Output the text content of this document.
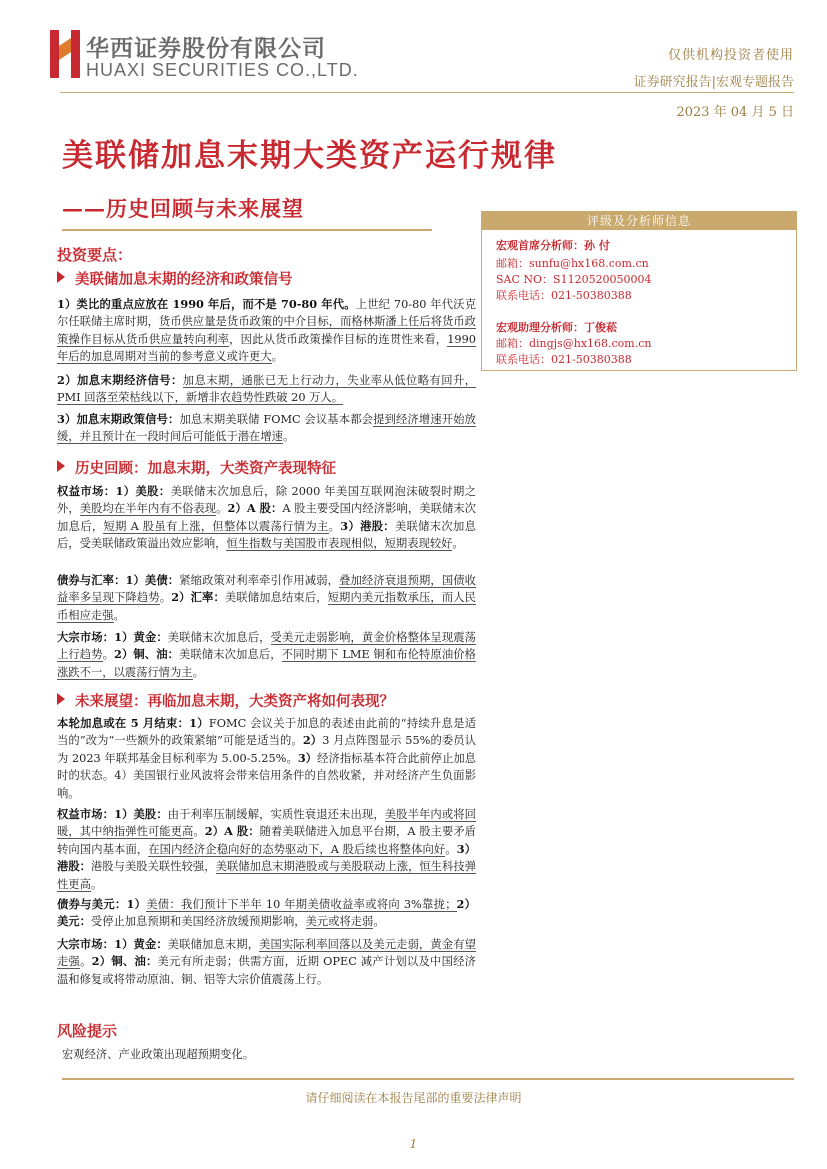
华西证券股份有限公司
HUAXI SECURITIES CO.,LTD.
仅供机构投资者使用
证券研究报告|宏观专题报告
2023 年 04 月 5 日
美联储加息末期大类资产运行规律
——历史回顾与未来展望	评级及分析师信息
宏观首席分析师：孙 付
邮箱：sunfu@hx168.com.cn
SAC NO：S1120520050004
联系电话：021-50380388
宏观助理分析师：丁俊菘
邮箱：dingjs@hx168.com.cn
联系电话：021-50380388
投资要点：
美联储加息末期的经济和政策信号
1）类比的重点应放在 1990 年后，而不是 70-80 年代。上世纪 70-80 年代沃克尔任联储主席时期，货币供应量是货币政策的中介目标，而格林斯潘上任后将货币政策操作目标从货币供应量转向利率，因此从货币政策操作目标的连贯性来看，1990 年后的加息周期对当前的参考意义或许更大。
2）加息末期经济信号：加息末期，通胀已无上行动力，失业率从低位略有回升，PMI 回落至荣枯线以下，新增非农趋势性跌破 20 万人。
3）加息末期政策信号：加息末期美联储 FOMC 会议基本都会提到经济增速开始放缓，并且预计在一段时间后可能低于潜在增速。
历史回顾：加息末期，大类资产表现特征
权益市场：1）美股：美联储末次加息后，除 2000 年美国互联网泡沫破裂时期之外，美股均在半年内有不俗表现。2）A 股：A 股主要受国内经济影响，美联储末次加息后，短期 A 股虽有上涨，但整体以震荡行情为主。3）港股：美联储末次加息后，受美联储政策溢出效应影响，恒生指数与美国股市表现相似，短期表现较好。
债券与汇率：1）美债：紧缩政策对利率牵引作用减弱，叠加经济衰退预期，国债收益率多呈现下降趋势。2）汇率：美联储加息结束后，短期内美元指数承压，而人民币相应走强。
大宗市场：1）黄金：美联储末次加息后，受美元走弱影响，黄金价格整体呈现震荡上行趋势。2）铜、油：美联储末次加息后，不同时期下 LME 铜和布伦特原油价格涨跌不一，以震荡行情为主。
未来展望：再临加息末期，大类资产将如何表现？
本轮加息或在 5 月结束：1）FOMC 会议关于加息的表述由此前的“持续升息是适当的”改为“一些额外的政策紧缩”可能是适当的。2）3 月点阵图显示 55%的委员认为 2023 年联邦基金目标利率为 5.00-5.25%。3）经济指标基本符合此前停止加息时的状态。4）美国银行业风波将会带来信用条件的自然收紧，并对经济产生负面影响。
权益市场：1）美股：由于利率压制缓解，实质性衰退还未出现，美股半年内或将回暖，其中纳指弹性可能更高。2）A 股：随着美联储进入加息平台期，A 股主要矛盾转向国内基本面，在国内经济企稳向好的态势驱动下，A 股后续也将整体向好。3）港股：港股与美股关联性较强，美联储加息末期港股或与美股联动上涨，恒生科技弹性更高。
债券与美元：1）美债：我们预计下半年 10 年期美债收益率或将向 3%靠拢；2）美元：受停止加息预期和美国经济放缓预期影响，美元或将走弱。
大宗市场：1）黄金：美联储加息末期，美国实际利率回落以及美元走弱，黄金有望走强。2）铜、油：美元有所走弱；供需方面，近期 OPEC 减产计划以及中国经济温和修复或将带动原油、铜、铝等大宗价值震荡上行。
风险提示
宏观经济、产业政策出现超预期变化。
请仔细阅读在本报告尾部的重要法律声明
1
